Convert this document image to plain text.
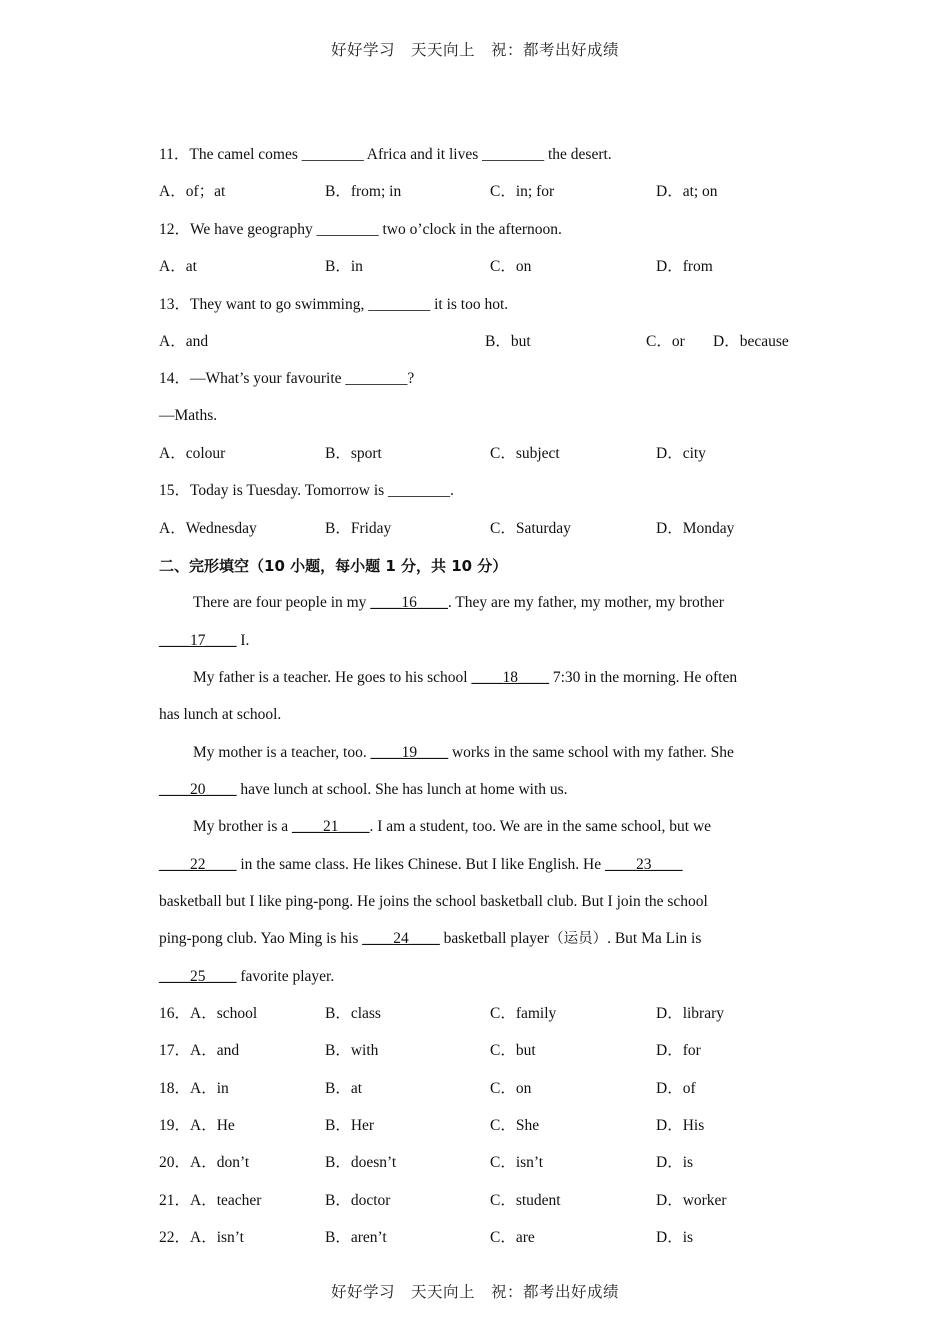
好好学习　天天向上　祝：都考出好成绩
11．The camel comes ________ Africa and it lives ________ the desert.
A．of；at	B．from; in	C．in; for	D．at; on
12．We have geography ________ two o’clock in the afternoon.
A．at	B．in	C．on	D．from
13．They want to go swimming, ________ it is too hot.
A．and	B．but	C．or D．because
14．—What’s your favourite ________?
—Maths.
A．colour	B．sport	C．subject	D．city
15．Today is Tuesday. Tomorrow is ________.
A．Wednesday	B．Friday	C．Saturday	D．Monday
二、完形填空（10 小题，每小题 1 分，共 10 分）
There are four people in my ____16____. They are my father, my mother, my brother
____17____ I.
My father is a teacher. He goes to his school ____18____ 7:30 in the morning. He often
has lunch at school.
My mother is a teacher, too. ____19____ works in the same school with my father. She
____20____ have lunch at school. She has lunch at home with us.
My brother is a ____21____. I am a student, too. We are in the same school, but we
____22____ in the same class. He likes Chinese. But I like English. He ____23____
basketball but I like ping-pong. He joins the school basketball club. But I join the school
ping-pong club. Yao Ming is his ____24____ basketball player（运员）. But Ma Lin is
____25____ favorite player.
16．A．school	B．class	C．family	D．library
17．A．and	B．with	C．but	D．for
18．A．in	B．at	C．on	D．of
19．A．He	B．Her	C．She	D．His
20．A．don’t	B．doesn’t	C．isn’t	D．is
21．A．teacher	B．doctor	C．student	D．worker
22．A．isn’t	B．aren’t	C．are	D．is
好好学习　天天向上　祝：都考出好成绩
